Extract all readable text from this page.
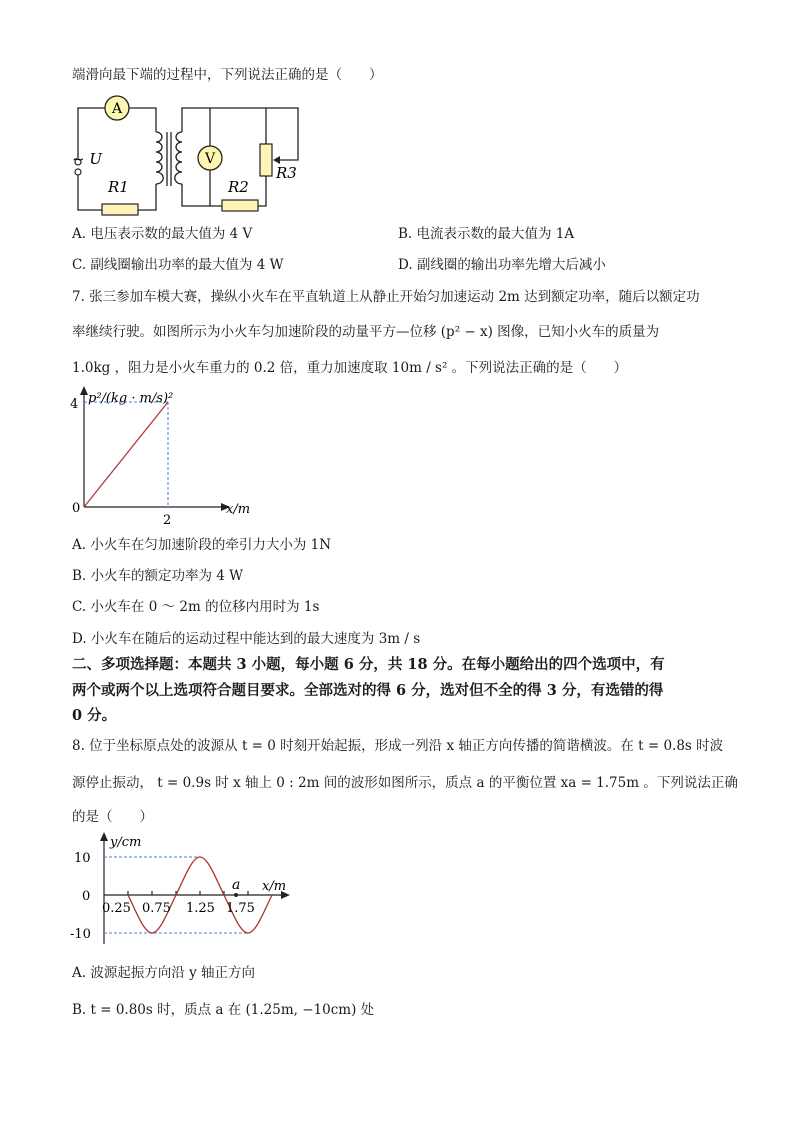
端滑向最下端的过程中，下列说法正确的是（　　）
A
V
~ U
R1	R2
R3
A. 电压表示数的最大值为 4 V	B. 电流表示数的最大值为 1A
C. 副线圈输出功率的最大值为 4 W	D. 副线圈的输出功率先增大后减小
7. 张三参加车模大赛，操纵小火车在平直轨道上从静止开始匀加速运动 2m 达到额定功率，随后以额定功
率继续行驶。如图所示为小火车匀加速阶段的动量平方—位移 (p² − x) 图像，已知小火车的质量为
1.0kg ，阻力是小火车重力的 0.2 倍，重力加速度取 10m / s² 。下列说法正确的是（　　）
p²/(kg · m/s)²
4
0
2
x/m
A. 小火车在匀加速阶段的牵引力大小为 1N
B. 小火车的额定功率为 4 W
C. 小火车在 0 ～ 2m 的位移内用时为 1s
D. 小火车在随后的运动过程中能达到的最大速度为 3m / s
二、多项选择题：本题共 3 小题，每小题 6 分，共 18 分。在每小题给出的四个选项中，有
两个或两个以上选项符合题目要求。全部选对的得 6 分，选对但不全的得 3 分，有选错的得
0 分。
8. 位于坐标原点处的波源从 t = 0 时刻开始起振，形成一列沿 x 轴正方向传播的简谐横波。在 t = 0.8s 时波
源停止振动， t = 0.9s 时 x 轴上 0 : 2m 间的波形如图所示，质点 a 的平衡位置 xa = 1.75m 。下列说法正确
的是（　　）
a
y/cm
x/m
10
0
-10
0.25 0.75 1.25 1.75
A. 波源起振方向沿 y 轴正方向
B. t = 0.80s 时，质点 a 在 (1.25m, −10cm) 处
